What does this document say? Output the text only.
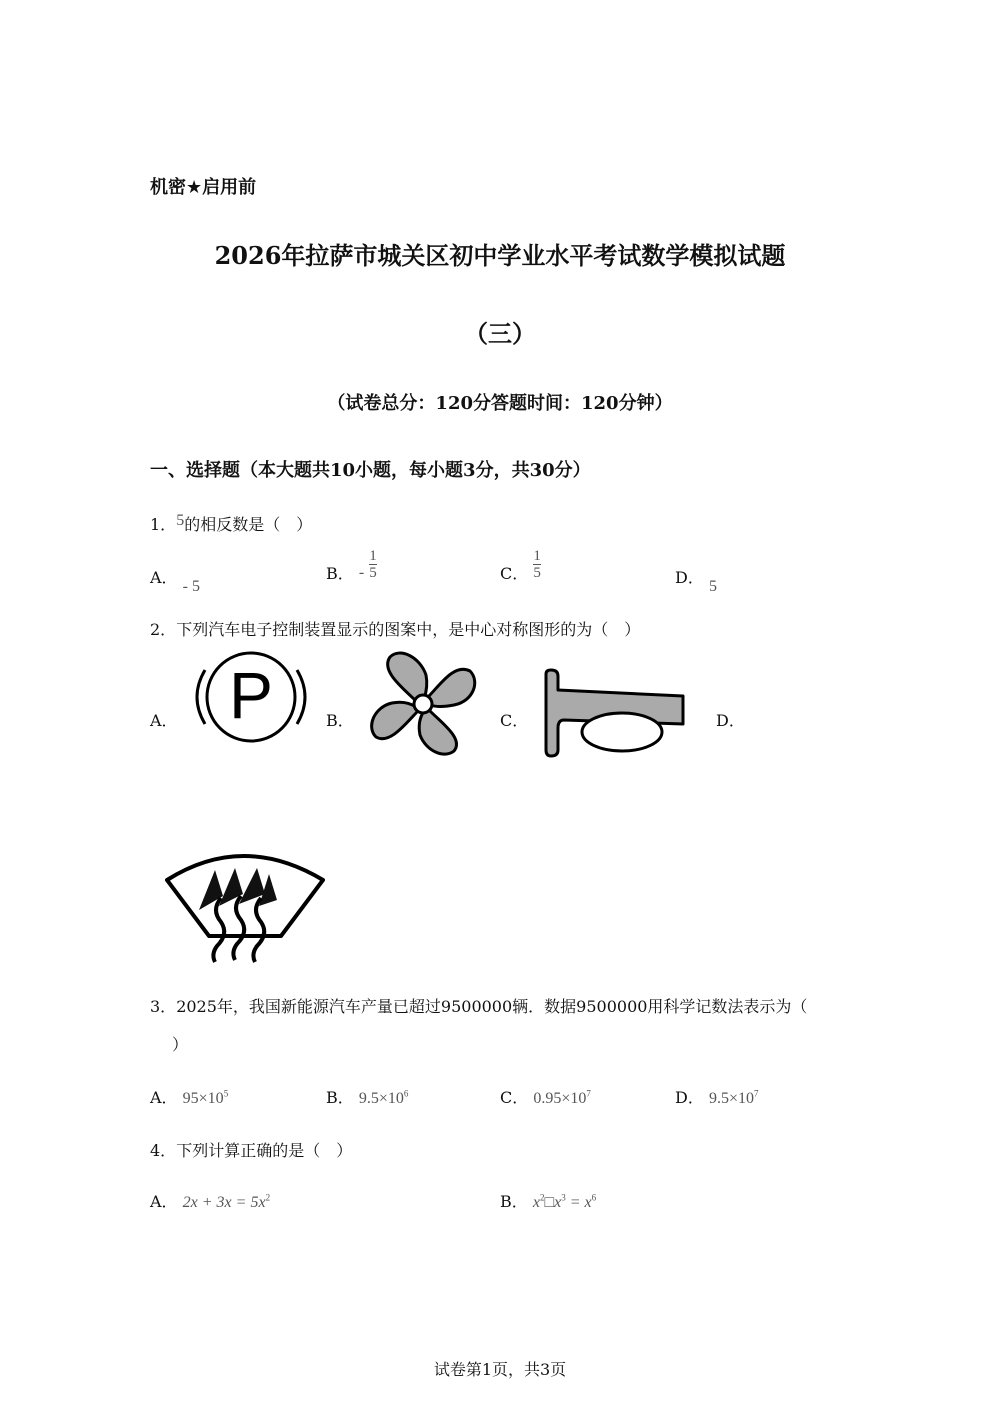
机密★启用前
2026年拉萨市城关区初中学业水平考试数学模拟试题
（三）
（试卷总分：120分答题时间：120分钟）
一、选择题（本大题共10小题，每小题3分，共30分）
1．5的相反数是（　）
A． - 5
B． - $\frac{1}{5}$	C． $\frac{1}{5}$	D． 5
2．下列汽车电子控制装置显示的图案中，是中心对称图形的为（　）
A．	B．	C．	D．
P
3．2025年，我国新能源汽车产量已超过9500000辆．数据9500000用科学记数法表示为（
）
A． $95\times 10^5$	B． $9.5\times 10^6$	C． $0.95\times 10^7$	D． $9.5\times 10^7$
4．下列计算正确的是（　）
A． $2x + 3x = 5x^2$	B． $x^2□x^3 = x^6$
试卷第1页，共3页
